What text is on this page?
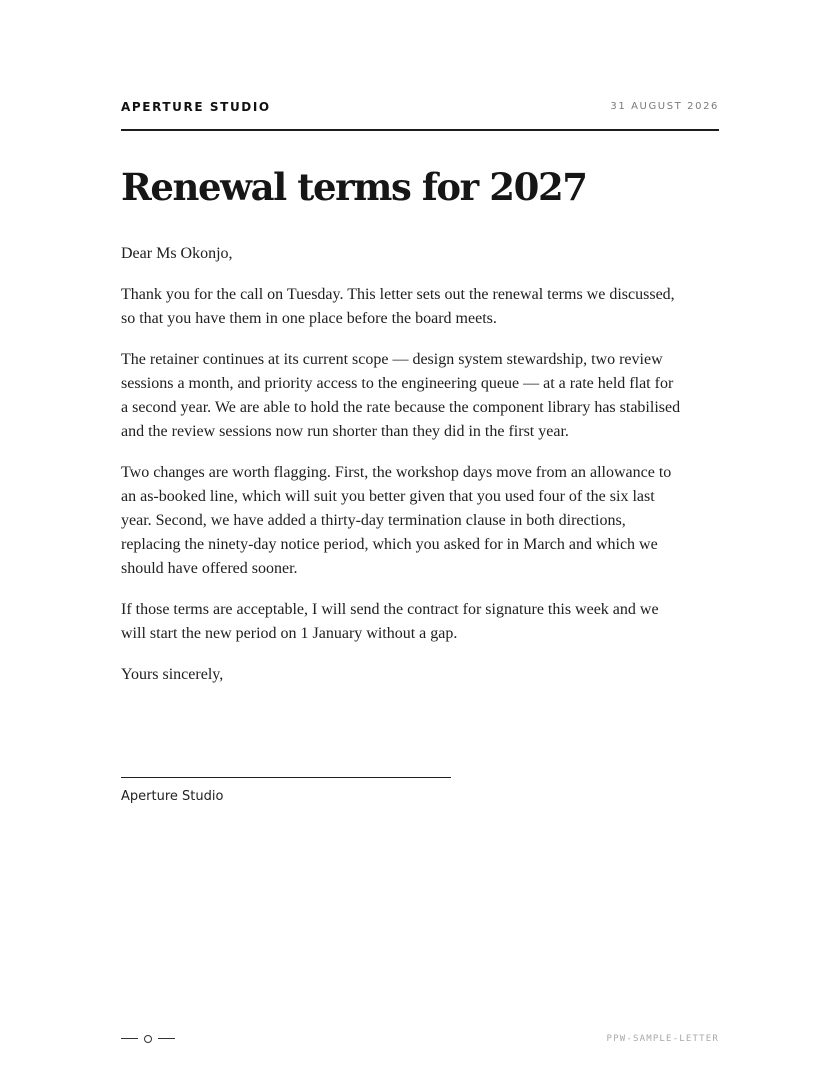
APERTURE STUDIO	31 AUGUST 2026
Renewal terms for 2027

Dear Ms Okonjo,

Thank you for the call on Tuesday. This letter sets out the renewal terms we discussed, so that you have them in one place before the board meets.

The retainer continues at its current scope — design system stewardship, two review sessions a month, and priority access to the engineering queue — at a rate held flat for a second year. We are able to hold the rate because the component library has stabilised and the review sessions now run shorter than they did in the first year.

Two changes are worth flagging. First, the workshop days move from an allowance to an as-booked line, which will suit you better given that you used four of the six last year. Second, we have added a thirty-day termination clause in both directions, replacing the ninety-day notice period, which you asked for in March and which we should have offered sooner.

If those terms are acceptable, I will send the contract for signature this week and we will start the new period on 1 January without a gap.

Yours sincerely,

Aperture Studio
PPW-SAMPLE-LETTER
